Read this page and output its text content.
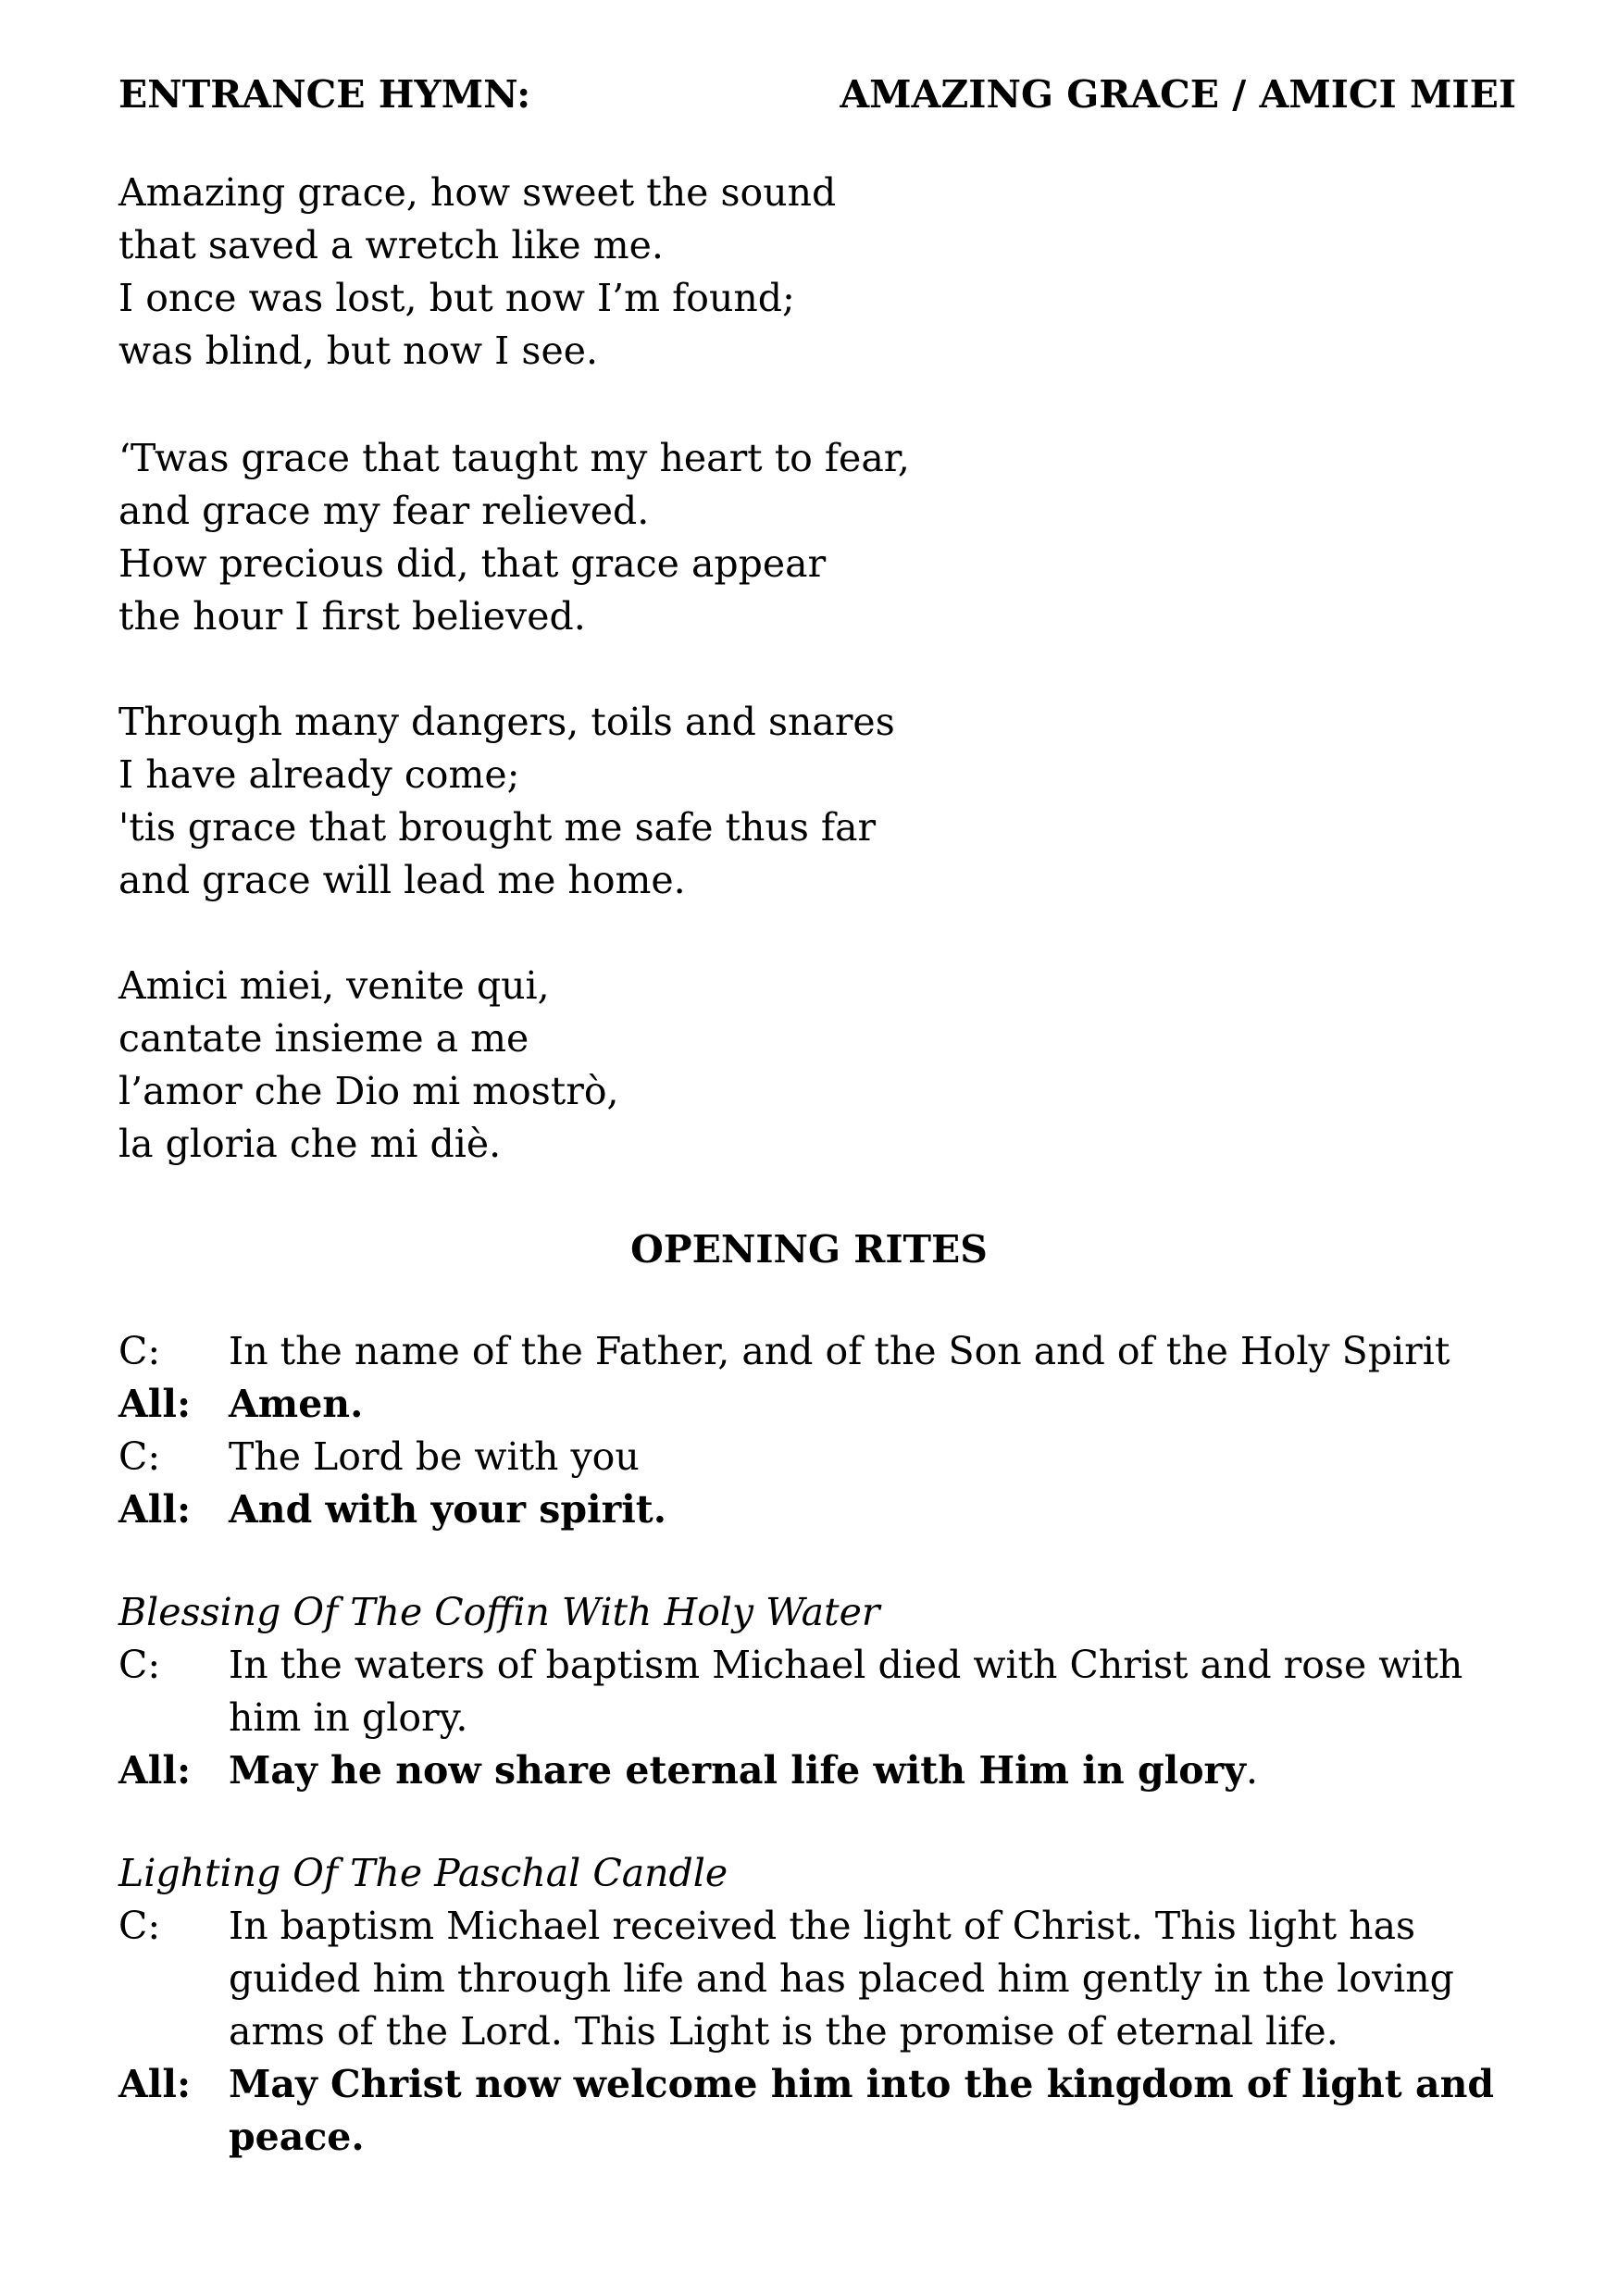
ENTRANCE HYMN:	AMAZING GRACE / AMICI MIEI
Amazing grace, how sweet the sound
that saved a wretch like me.
I once was lost, but now I’m found;
was blind, but now I see.
‘Twas grace that taught my heart to fear,
and grace my fear relieved.
How precious did, that grace appear
the hour I first believed.
Through many dangers, toils and snares
I have already come;
'tis grace that brought me safe thus far
and grace will lead me home.
Amici miei, venite qui,
cantate insieme a me
l’amor che Dio mi mostrò,
la gloria che mi diè.
OPENING RITES
C:	In the name of the Father, and of the Son and of the Holy Spirit
All: Amen.
C:	The Lord be with you
All: And with your spirit.
Blessing Of The Coffin With Holy Water
C:	In the waters of baptism Michael died with Christ and rose with him in glory.
All: May he now share eternal life with Him in glory.
Lighting Of The Paschal Candle
C:	In baptism Michael received the light of Christ. This light has guided him through life and has placed him gently in the loving arms of the Lord. This Light is the promise of eternal life.
All: May Christ now welcome him into the kingdom of light and peace.
